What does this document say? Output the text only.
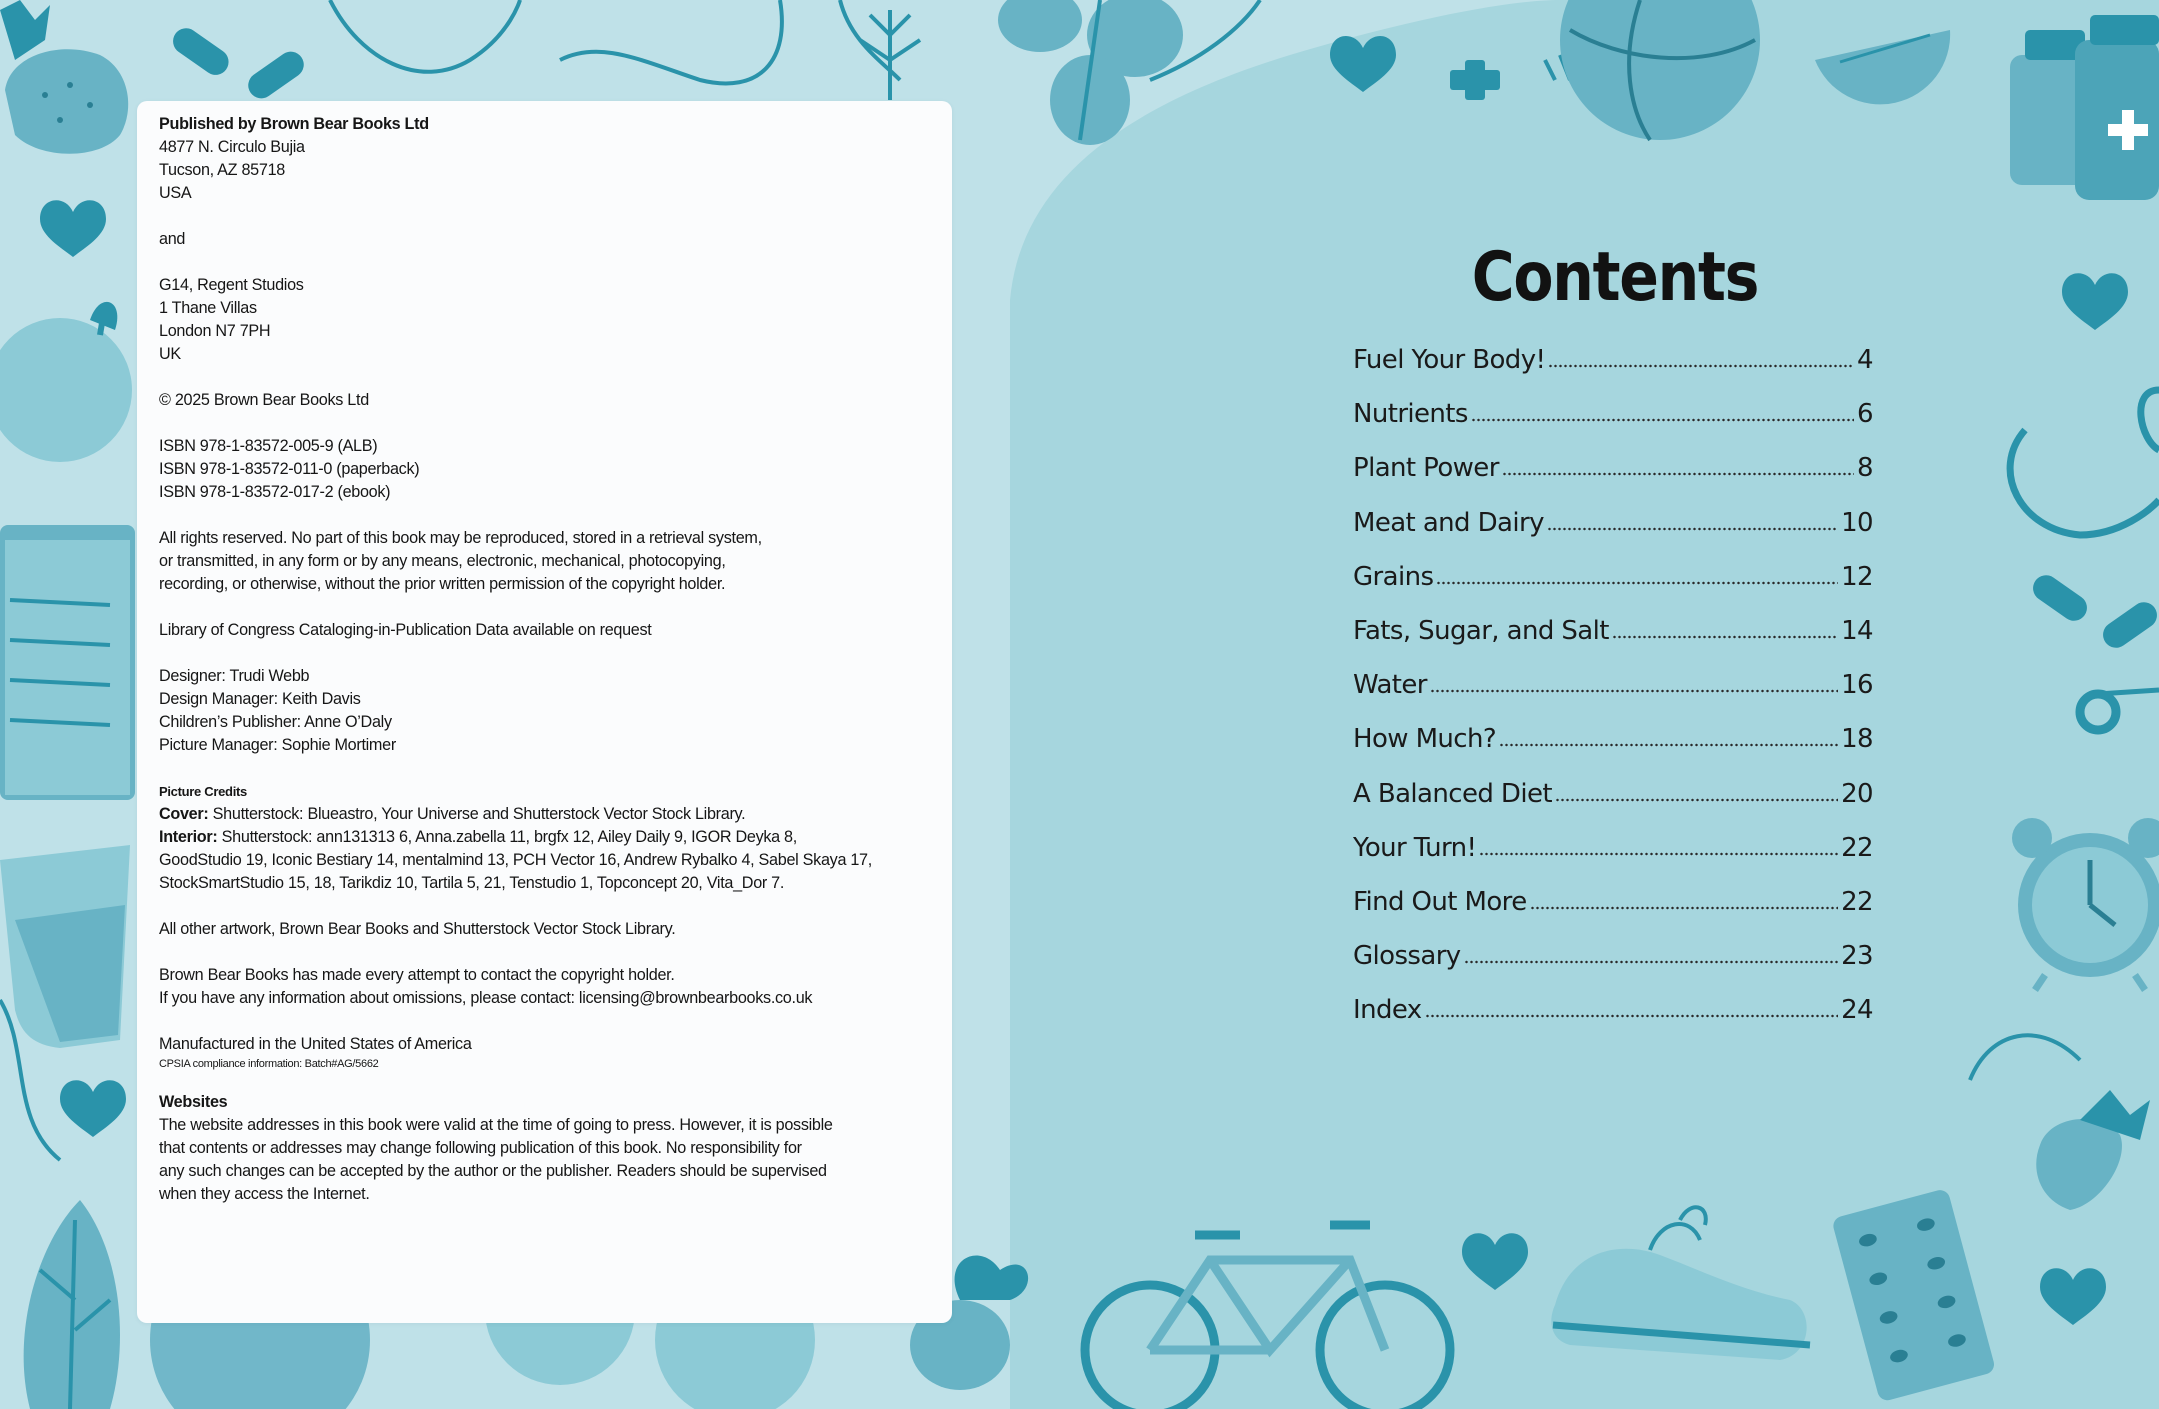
Published by Brown Bear Books Ltd

4877 N. Circulo Bujia

Tucson, AZ 85718

USA

and

G14, Regent Studios

1 Thane Villas

London N7 7PH

UK

© 2025 Brown Bear Books Ltd

ISBN 978-1-83572-005-9 (ALB)

ISBN 978-1-83572-011-0 (paperback)

ISBN 978-1-83572-017-2 (ebook)

All rights reserved. No part of this book may be reproduced, stored in a retrieval system,

or transmitted, in any form or by any means, electronic, mechanical, photocopying,

recording, or otherwise, without the prior written permission of the copyright holder.

Library of Congress Cataloging-in-Publication Data available on request

Designer: Trudi Webb

Design Manager: Keith Davis

Children’s Publisher: Anne O’Daly

Picture Manager: Sophie Mortimer

Picture Credits

Cover: Shutterstock: Blueastro, Your Universe and Shutterstock Vector Stock Library.

Interior: Shutterstock: ann131313 6, Anna.zabella 11, brgfx 12, Ailey Daily 9, IGOR Deyka 8,

GoodStudio 19, Iconic Bestiary 14, mentalmind 13, PCH Vector 16, Andrew Rybalko 4, Sabel Skaya 17,

StockSmartStudio 15, 18, Tarikdiz 10, Tartila 5, 21, Tenstudio 1, Topconcept 20, Vita_Dor 7.

All other artwork, Brown Bear Books and Shutterstock Vector Stock Library.

Brown Bear Books has made every attempt to contact the copyright holder.

If you have any information about omissions, please contact: licensing@brownbearbooks.co.uk

Manufactured in the United States of America

CPSIA compliance information: Batch#AG/5662

Websites

The website addresses in this book were valid at the time of going to press. However, it is possible

that contents or addresses may change following publication of this book. No responsibility for

any such changes can be accepted by the author or the publisher. Readers should be supervised

when they access the Internet.

Contents
Fuel Your Body!	4
Nutrients	6
Plant Power	8
Meat and Dairy	10
Grains	12
Fats, Sugar, and Salt	14
Water	16
How Much?	18
A Balanced Diet	20
Your Turn!	22
Find Out More	22
Glossary	23
Index	24
